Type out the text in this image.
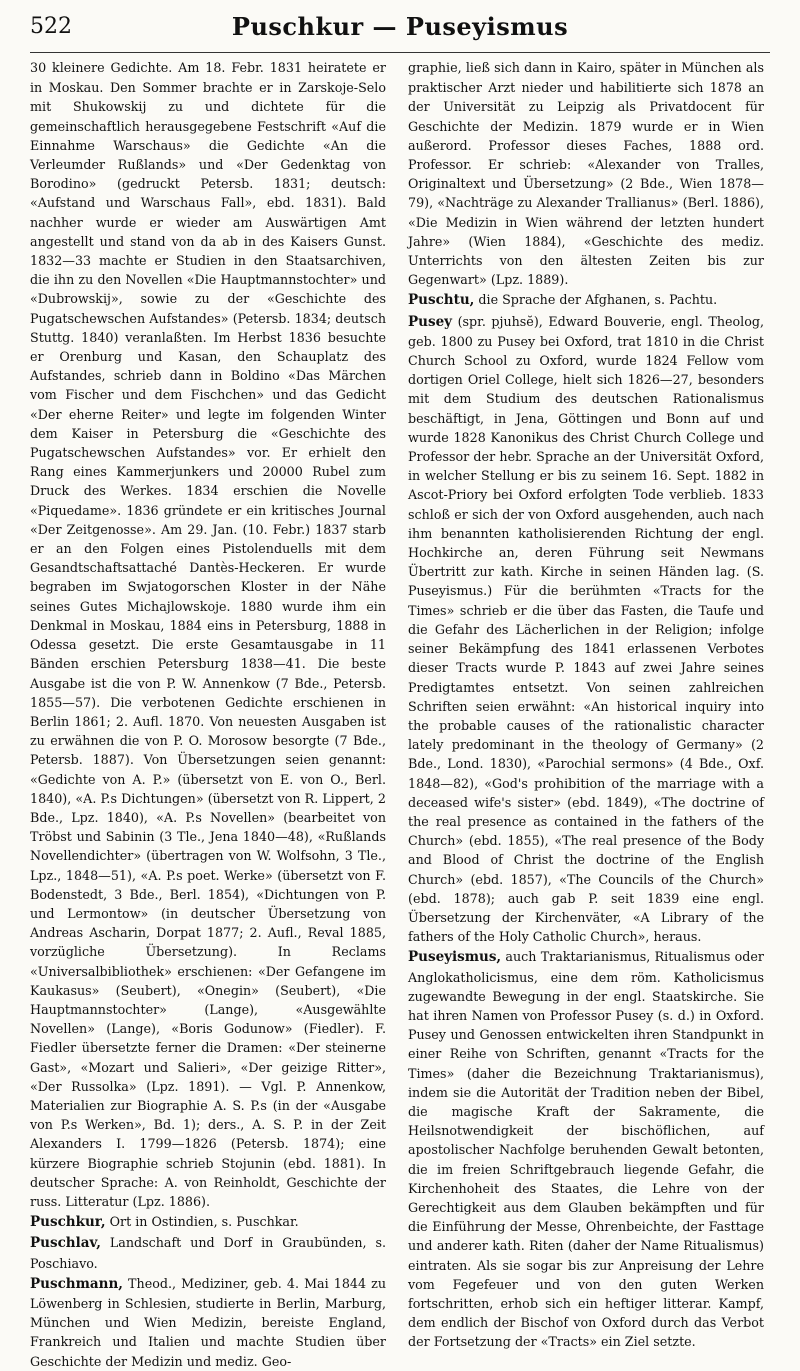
522	Puschkur — Puseyismus

30 kleinere Gedichte. Am 18. Febr. 1831 heiratete er in Moskau. Den Sommer brachte er in Zarskoje-Selo mit Shukowskij zu und dichtete für die gemeinschaftlich herausgegebene Festschrift «Auf die Einnahme Warschaus» die Gedichte «An die Verleumder Rußlands» und «Der Gedenktag von Borodino» (gedruckt Petersb. 1831; deutsch: «Aufstand und Warschaus Fall», ebd. 1831). Bald nachher wurde er wieder am Auswärtigen Amt angestellt und stand von da ab in des Kaisers Gunst. 1832—33 machte er Studien in den Staatsarchiven, die ihn zu den Novellen «Die Hauptmannstochter» und «Dubrowskij», sowie zu der «Geschichte des Pugatschewschen Aufstandes» (Petersb. 1834; deutsch Stuttg. 1840) veranlaßten. Im Herbst 1836 besuchte er Orenburg und Kasan, den Schauplatz des Aufstandes, schrieb dann in Boldino «Das Märchen vom Fischer und dem Fischchen» und das Gedicht «Der eherne Reiter» und legte im folgenden Winter dem Kaiser in Petersburg die «Geschichte des Pugatschewschen Aufstandes» vor. Er erhielt den Rang eines Kammerjunkers und 20000 Rubel zum Druck des Werkes. 1834 erschien die Novelle «Piquedame». 1836 gründete er ein kritisches Journal «Der Zeitgenosse». Am 29. Jan. (10. Febr.) 1837 starb er an den Folgen eines Pistolenduells mit dem Gesandtschaftsattaché Dantès-Heckeren. Er wurde begraben im Swjatogorschen Kloster in der Nähe seines Gutes Michajlowskoje. 1880 wurde ihm ein Denkmal in Moskau, 1884 eins in Petersburg, 1888 in Odessa gesetzt. Die erste Gesamtausgabe in 11 Bänden erschien Petersburg 1838—41. Die beste Ausgabe ist die von P. W. Annenkow (7 Bde., Petersb. 1855—57). Die verbotenen Gedichte erschienen in Berlin 1861; 2. Aufl. 1870. Von neuesten Ausgaben ist zu erwähnen die von P. O. Morosow besorgte (7 Bde., Petersb. 1887). Von Übersetzungen seien genannt: «Gedichte von A. P.» (übersetzt von E. von O., Berl. 1840), «A. P.s Dichtungen» (übersetzt von R. Lippert, 2 Bde., Lpz. 1840), «A. P.s Novellen» (bearbeitet von Tröbst und Sabinin (3 Tle., Jena 1840—48), «Rußlands Novellendichter» (übertragen von W. Wolfsohn, 3 Tle., Lpz., 1848—51), «A. P.s poet. Werke» (übersetzt von F. Bodenstedt, 3 Bde., Berl. 1854), «Dichtungen von P. und Lermontow» (in deutscher Übersetzung von Andreas Ascharin, Dorpat 1877; 2. Aufl., Reval 1885, vorzügliche Übersetzung). In Reclams «Universalbibliothek» erschienen: «Der Gefangene im Kaukasus» (Seubert), «Onegin» (Seubert), «Die Hauptmannstochter» (Lange), «Ausgewählte Novellen» (Lange), «Boris Godunow» (Fiedler). F. Fiedler übersetzte ferner die Dramen: «Der steinerne Gast», «Mozart und Salieri», «Der geizige Ritter», «Der Russolka» (Lpz. 1891). — Vgl. P. Annenkow, Materialien zur Biographie A. S. P.s (in der «Ausgabe von P.s Werken», Bd. 1); ders., A. S. P. in der Zeit Alexanders I. 1799—1826 (Petersb. 1874); eine kürzere Biographie schrieb Stojunin (ebd. 1881). In deutscher Sprache: A. von Reinholdt, Geschichte der russ. Litteratur (Lpz. 1886).

Puschkur, Ort in Ostindien, s. Puschkar.

Puschlav, Landschaft und Dorf in Graubünden, s. Poschiavo.

Puschmann, Theod., Mediziner, geb. 4. Mai 1844 zu Löwenberg in Schlesien, studierte in Berlin, Marburg, München und Wien Medizin, bereiste England, Frankreich und Italien und machte Studien über Geschichte der Medizin und mediz. Geo-

graphie, ließ sich dann in Kairo, später in München als praktischer Arzt nieder und habilitierte sich 1878 an der Universität zu Leipzig als Privatdocent für Geschichte der Medizin. 1879 wurde er in Wien außerord. Professor dieses Faches, 1888 ord. Professor. Er schrieb: «Alexander von Tralles, Originaltext und Übersetzung» (2 Bde., Wien 1878—79), «Nachträge zu Alexander Trallianus» (Berl. 1886), «Die Medizin in Wien während der letzten hundert Jahre» (Wien 1884), «Geschichte des mediz. Unterrichts von den ältesten Zeiten bis zur Gegenwart» (Lpz. 1889).

Puschtu, die Sprache der Afghanen, s. Pachtu.

Pusey (spr. pjuhsĕ), Edward Bouverie, engl. Theolog, geb. 1800 zu Pusey bei Oxford, trat 1810 in die Christ Church School zu Oxford, wurde 1824 Fellow vom dortigen Oriel College, hielt sich 1826—27, besonders mit dem Studium des deutschen Rationalismus beschäftigt, in Jena, Göttingen und Bonn auf und wurde 1828 Kanonikus des Christ Church College und Professor der hebr. Sprache an der Universität Oxford, in welcher Stellung er bis zu seinem 16. Sept. 1882 in Ascot-Priory bei Oxford erfolgten Tode verblieb. 1833 schloß er sich der von Oxford ausgehenden, auch nach ihm benannten katholisierenden Richtung der engl. Hochkirche an, deren Führung seit Newmans Übertritt zur kath. Kirche in seinen Händen lag. (S. Puseyismus.) Für die berühmten «Tracts for the Times» schrieb er die über das Fasten, die Taufe und die Gefahr des Lächerlichen in der Religion; infolge seiner Bekämpfung des 1841 erlassenen Verbotes dieser Tracts wurde P. 1843 auf zwei Jahre seines Predigtamtes entsetzt. Von seinen zahlreichen Schriften seien erwähnt: «An historical inquiry into the probable causes of the rationalistic character lately predominant in the theology of Germany» (2 Bde., Lond. 1830), «Parochial sermons» (4 Bde., Oxf. 1848—82), «God's prohibition of the marriage with a deceased wife's sister» (ebd. 1849), «The doctrine of the real presence as contained in the fathers of the Church» (ebd. 1855), «The real presence of the Body and Blood of Christ the doctrine of the English Church» (ebd. 1857), «The Councils of the Church» (ebd. 1878); auch gab P. seit 1839 eine engl. Übersetzung der Kirchenväter, «A Library of the fathers of the Holy Catholic Church», heraus.

Puseyismus, auch Traktarianismus, Ritualismus oder Anglokatholicismus, eine dem röm. Katholicismus zugewandte Bewegung in der engl. Staatskirche. Sie hat ihren Namen von Professor Pusey (s. d.) in Oxford. Pusey und Genossen entwickelten ihren Standpunkt in einer Reihe von Schriften, genannt «Tracts for the Times» (daher die Bezeichnung Traktarianismus), indem sie die Autorität der Tradition neben der Bibel, die magische Kraft der Sakramente, die Heilsnotwendigkeit der bischöflichen, auf apostolischer Nachfolge beruhenden Gewalt betonten, die im freien Schriftgebrauch liegende Gefahr, die Kirchenhoheit des Staates, die Lehre von der Gerechtigkeit aus dem Glauben bekämpften und für die Einführung der Messe, Ohrenbeichte, der Fasttage und anderer kath. Riten (daher der Name Ritualismus) eintraten. Als sie sogar bis zur Anpreisung der Lehre vom Fegefeuer und von den guten Werken fortschritten, erhob sich ein heftiger litterar. Kampf, dem endlich der Bischof von Oxford durch das Verbot der Fortsetzung der «Tracts» ein Ziel setzte.
